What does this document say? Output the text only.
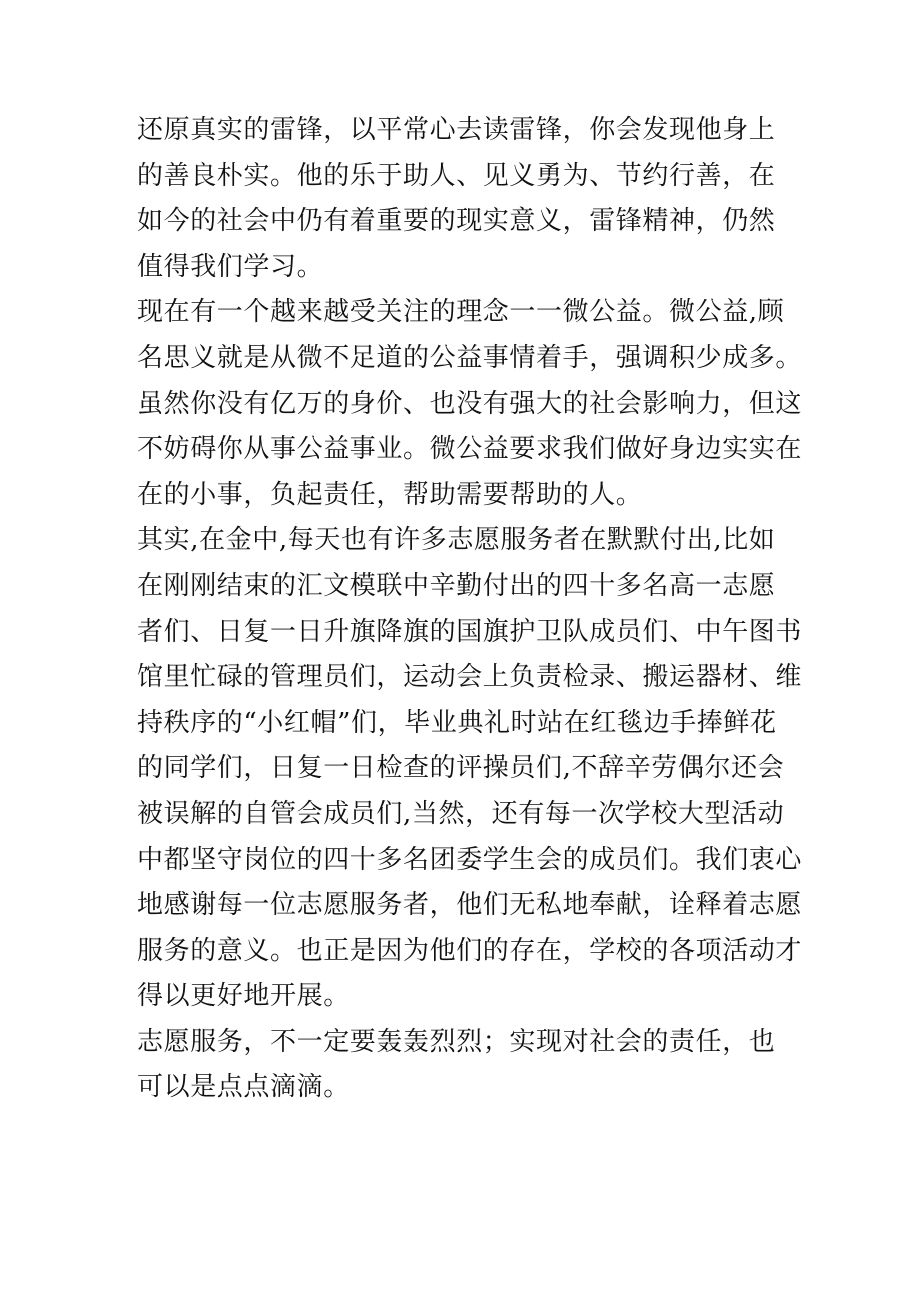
还原真实的雷锋，以平常心去读雷锋，你会发现他身上
的善良朴实。他的乐于助人、见义勇为、节约行善，在
如今的社会中仍有着重要的现实意义，雷锋精神，仍然
值得我们学习。

现在有一个越来越受关注的理念一一微公益。微公益,顾
名思义就是从微不足道的公益事情着手，强调积少成多。
虽然你没有亿万的身价、也没有强大的社会影响力，但这
不妨碍你从事公益事业。微公益要求我们做好身边实实在
在的小事，负起责任，帮助需要帮助的人。

其实,在金中,每天也有许多志愿服务者在默默付出,比如
在刚刚结束的汇文模联中辛勤付出的四十多名高一志愿
者们、日复一日升旗降旗的国旗护卫队成员们、中午图书
馆里忙碌的管理员们，运动会上负责检录、搬运器材、维
持秩序的“小红帽”们，毕业典礼时站在红毯边手捧鲜花
的同学们，日复一日检查的评操员们,不辞辛劳偶尔还会
被误解的自管会成员们,当然，还有每一次学校大型活动
中都坚守岗位的四十多名团委学生会的成员们。我们衷心
地感谢每一位志愿服务者，他们无私地奉献，诠释着志愿
服务的意义。也正是因为他们的存在，学校的各项活动才
得以更好地开展。

志愿服务，不一定要轰轰烈烈；实现对社会的责任，也
可以是点点滴滴。
